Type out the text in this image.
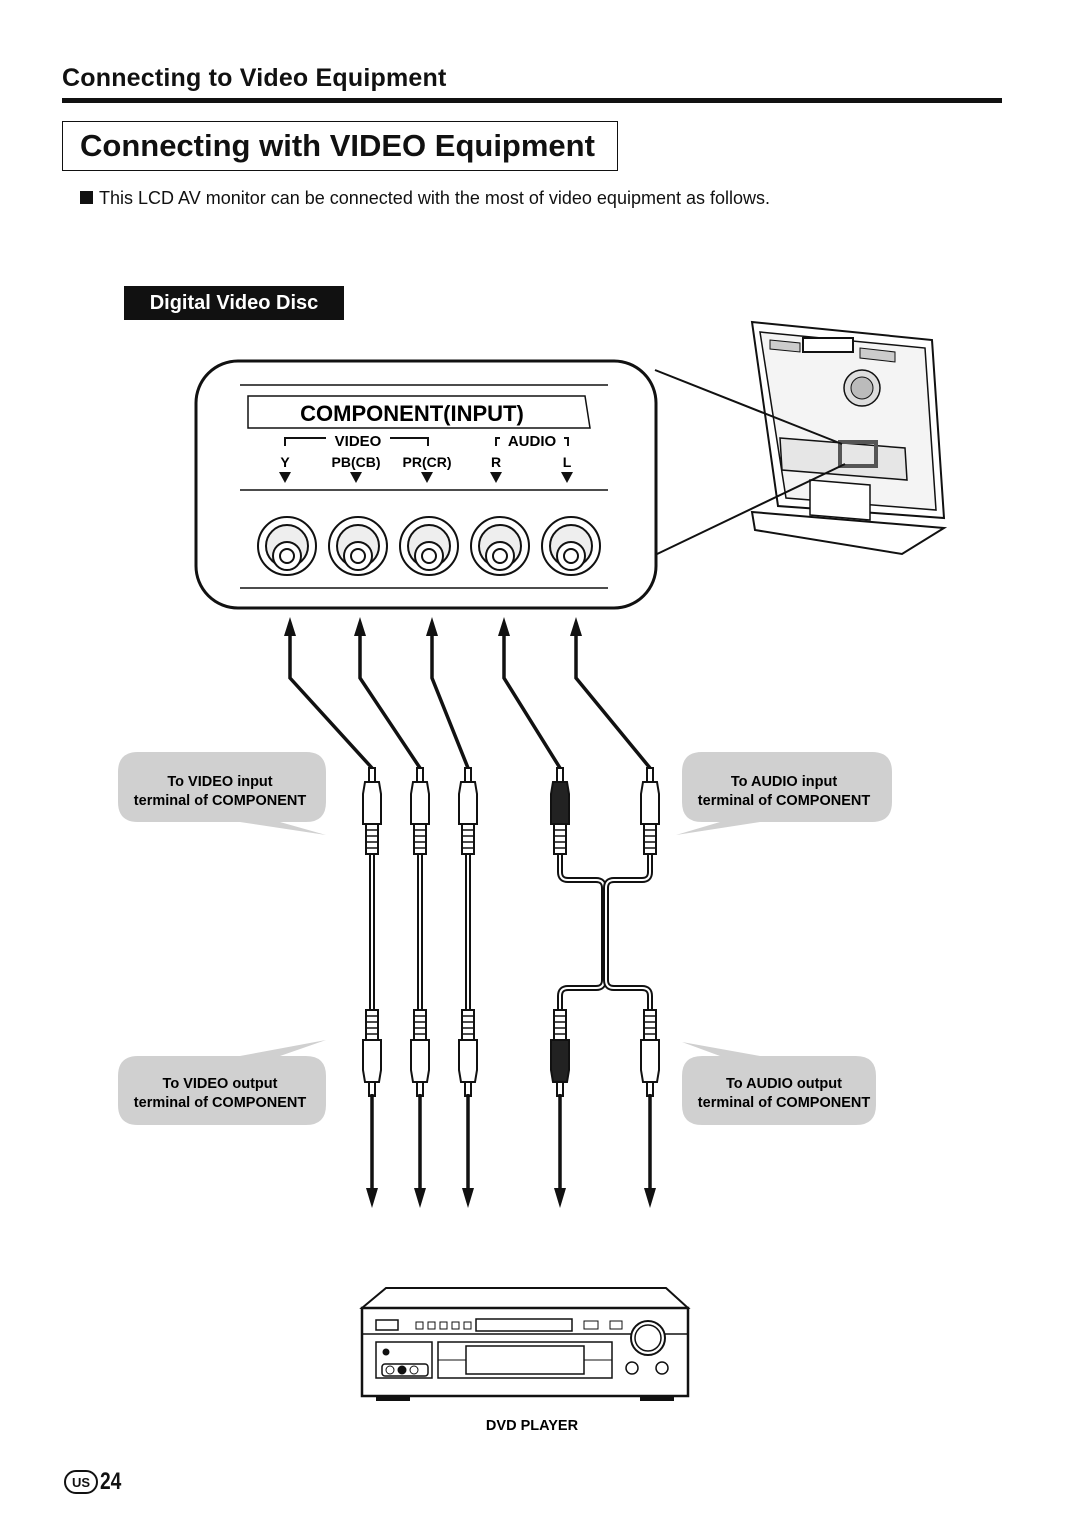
Connecting to Video Equipment
Connecting with VIDEO Equipment
This LCD AV monitor can be connected with the most of video equipment as follows.
Digital Video Disc
COMPONENT(INPUT)
VIDEO	AUDIO
Y	PB(CB) PR(CR)	R	L
To VIDEO input
terminal of COMPONENT
To AUDIO input
terminal of COMPONENT
To VIDEO output
terminal of COMPONENT
To AUDIO output
terminal of COMPONENT
DVD PLAYER
US 24
